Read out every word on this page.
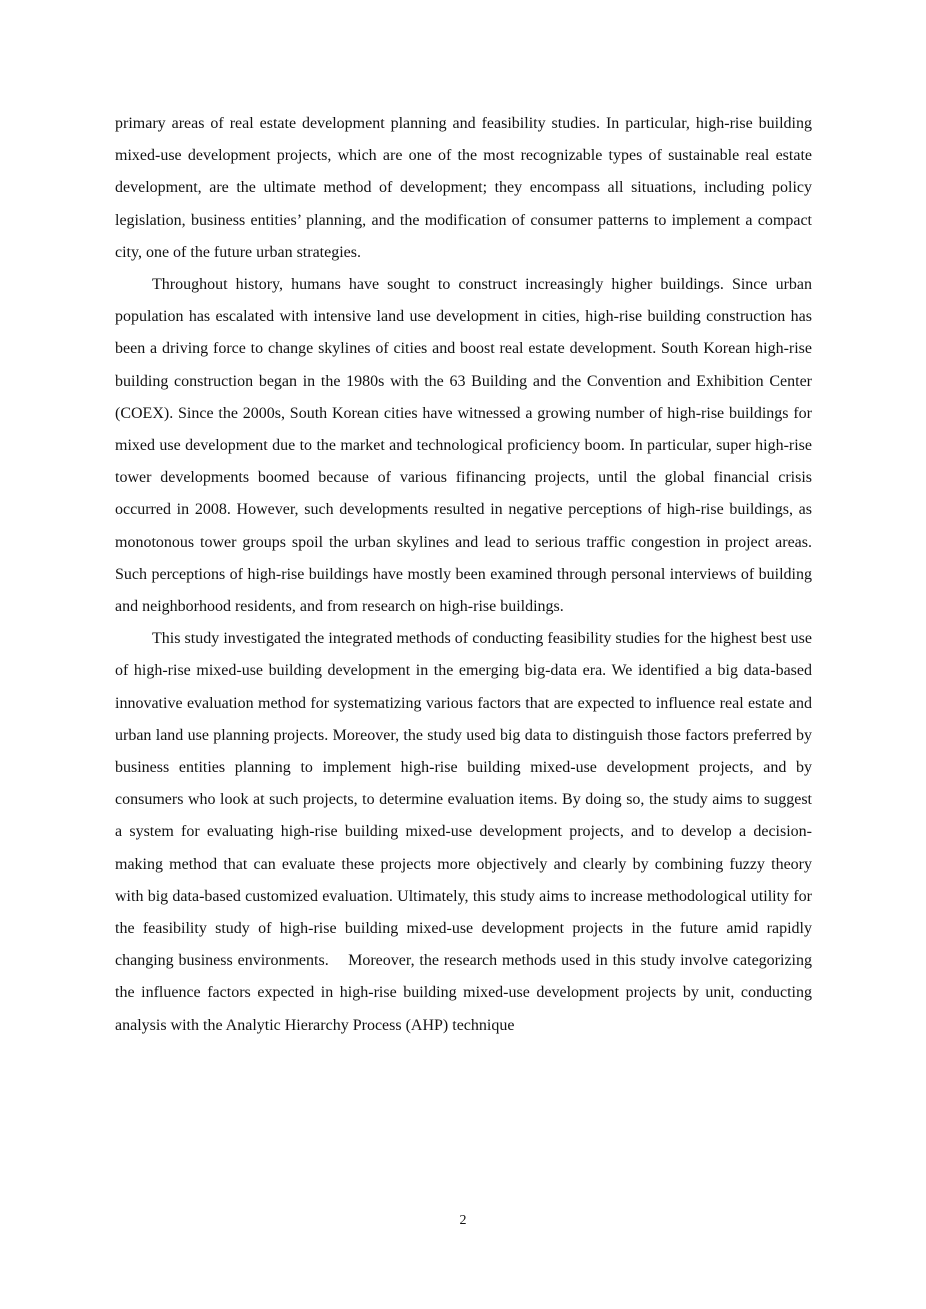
primary areas of real estate development planning and feasibility studies. In particular, high-rise building mixed-use development projects, which are one of the most recognizable types of sustainable real estate development, are the ultimate method of development; they encompass all situations, including policy legislation, business entities’ planning, and the modification of consumer patterns to implement a compact city, one of the future urban strategies.

Throughout history, humans have sought to construct increasingly higher buildings. Since urban population has escalated with intensive land use development in cities, high-rise building construction has been a driving force to change skylines of cities and boost real estate development. South Korean high-rise building construction began in the 1980s with the 63 Building and the Convention and Exhibition Center (COEX). Since the 2000s, South Korean cities have witnessed a growing number of high-rise buildings for mixed use development due to the market and technological proficiency boom. In particular, super high-rise tower developments boomed because of various fifinancing projects, until the global financial crisis occurred in 2008. However, such developments resulted in negative perceptions of high-rise buildings, as monotonous tower groups spoil the urban skylines and lead to serious traffic congestion in project areas. Such perceptions of high-rise buildings have mostly been examined through personal interviews of building and neighborhood residents, and from research on high-rise buildings.

This study investigated the integrated methods of conducting feasibility studies for the highest best use of high-rise mixed-use building development in the emerging big-data era. We identified a big data-based innovative evaluation method for systematizing various factors that are expected to influence real estate and urban land use planning projects. Moreover, the study used big data to distinguish those factors preferred by business entities planning to implement high-rise building mixed-use development projects, and by consumers who look at such projects, to determine evaluation items. By doing so, the study aims to suggest a system for evaluating high-rise building mixed-use development projects, and to develop a decision-making method that can evaluate these projects more objectively and clearly by combining fuzzy theory with big data-based customized evaluation. Ultimately, this study aims to increase methodological utility for the feasibility study of high-rise building mixed-use development projects in the future amid rapidly changing business environments.    Moreover, the research methods used in this study involve categorizing the influence factors expected in high-rise building mixed-use development projects by unit, conducting analysis with the Analytic Hierarchy Process (AHP) technique

2
